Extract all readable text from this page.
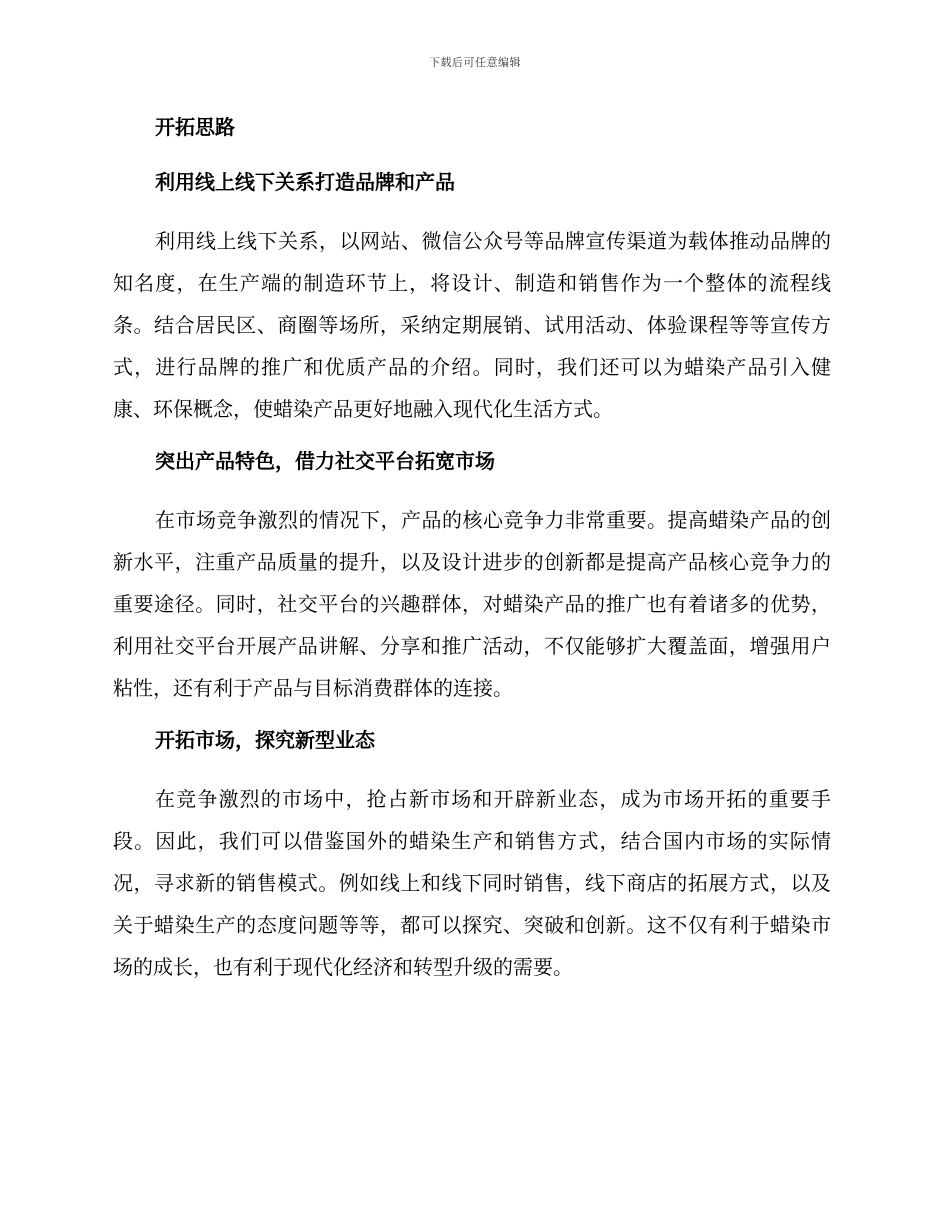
下载后可任意编辑
开拓思路
利用线上线下关系打造品牌和产品
利用线上线下关系，以网站、微信公众号等品牌宣传渠道为载体推动品牌的知名度，在生产端的制造环节上，将设计、制造和销售作为一个整体的流程线条。结合居民区、商圈等场所，采纳定期展销、试用活动、体验课程等等宣传方式，进行品牌的推广和优质产品的介绍。同时，我们还可以为蜡染产品引入健康、环保概念，使蜡染产品更好地融入现代化生活方式。
突出产品特色，借力社交平台拓宽市场
在市场竞争激烈的情况下，产品的核心竞争力非常重要。提高蜡染产品的创新水平，注重产品质量的提升，以及设计进步的创新都是提高产品核心竞争力的重要途径。同时，社交平台的兴趣群体，对蜡染产品的推广也有着诸多的优势，利用社交平台开展产品讲解、分享和推广活动，不仅能够扩大覆盖面，增强用户粘性，还有利于产品与目标消费群体的连接。
开拓市场，探究新型业态
在竞争激烈的市场中，抢占新市场和开辟新业态，成为市场开拓的重要手段。因此，我们可以借鉴国外的蜡染生产和销售方式，结合国内市场的实际情况，寻求新的销售模式。例如线上和线下同时销售，线下商店的拓展方式，以及关于蜡染生产的态度问题等等，都可以探究、突破和创新。这不仅有利于蜡染市场的成长，也有利于现代化经济和转型升级的需要。
